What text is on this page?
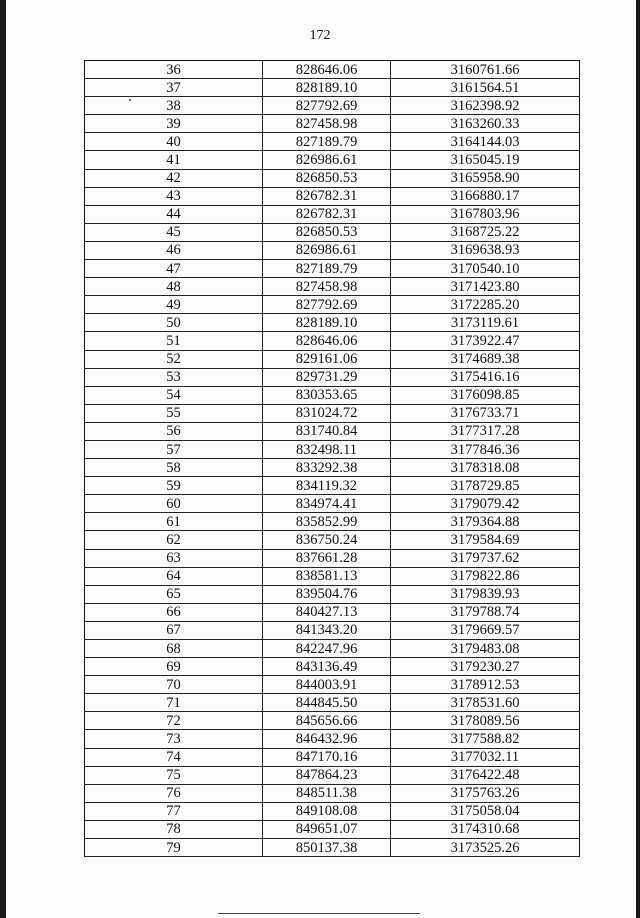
172
36	828646.06	3160761.66
37	828189.10	3161564.51
38	827792.69	3162398.92
39	827458.98	3163260.33
40	827189.79	3164144.03
41	826986.61	3165045.19
42	826850.53	3165958.90
43	826782.31	3166880.17
44	826782.31	3167803.96
45	826850.53	3168725.22
46	826986.61	3169638.93
47	827189.79	3170540.10
48	827458.98	3171423.80
49	827792.69	3172285.20
50	828189.10	3173119.61
51	828646.06	3173922.47
52	829161.06	3174689.38
53	829731.29	3175416.16
54	830353.65	3176098.85
55	831024.72	3176733.71
56	831740.84	3177317.28
57	832498.11	3177846.36
58	833292.38	3178318.08
59	834119.32	3178729.85
60	834974.41	3179079.42
61	835852.99	3179364.88
62	836750.24	3179584.69
63	837661.28	3179737.62
64	838581.13	3179822.86
65	839504.76	3179839.93
66	840427.13	3179788.74
67	841343.20	3179669.57
68	842247.96	3179483.08
69	843136.49	3179230.27
70	844003.91	3178912.53
71	844845.50	3178531.60
72	845656.66	3178089.56
73	846432.96	3177588.82
74	847170.16	3177032.11
75	847864.23	3176422.48
76	848511.38	3175763.26
77	849108.08	3175058.04
78	849651.07	3174310.68
79	850137.38	3173525.26
